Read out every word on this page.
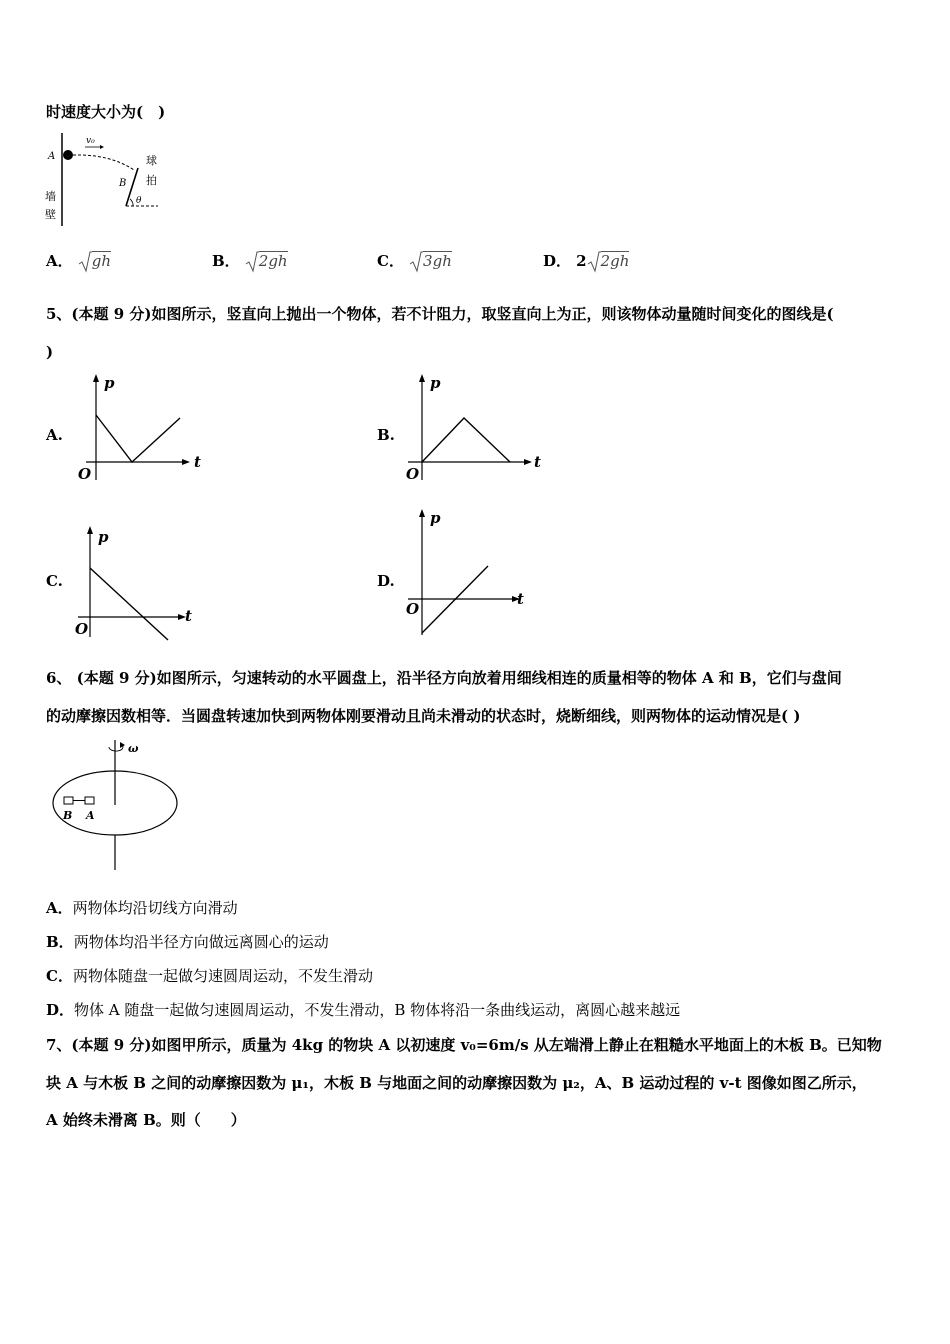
时速度大小为(　)
A
v₀
B
θ
墙
壁
球
拍
A． gh	B． 2gh	C． 3gh	D． 2 2gh
5、(本题 9 分)如图所示，竖直向上抛出一个物体，若不计阻力，取竖直向上为正，则该物体动量随时间变化的图线是(
)
A.
p
t
O
B.
p
t
O
C.
p
t
O
D.
p
t
O
6、 (本题 9 分)如图所示，匀速转动的水平圆盘上，沿半径方向放着用细线相连的质量相等的物体 A 和 B，它们与盘间
的动摩擦因数相等．当圆盘转速加快到两物体刚要滑动且尚未滑动的状态时，烧断细线，则两物体的运动情况是( )
ω
B A
A．两物体均沿切线方向滑动
B．两物体均沿半径方向做远离圆心的运动
C．两物体随盘一起做匀速圆周运动，不发生滑动
D．物体 A 随盘一起做匀速圆周运动，不发生滑动，B 物体将沿一条曲线运动，离圆心越来越远
7、(本题 9 分)如图甲所示，质量为 4kg 的物块 A 以初速度 v₀=6m/s 从左端滑上静止在粗糙水平地面上的木板 B。已知物
块 A 与木板 B 之间的动摩擦因数为 μ₁，木板 B 与地面之间的动摩擦因数为 μ₂，A、B 运动过程的 v-t 图像如图乙所示，
A 始终未滑离 B。则（　　）
